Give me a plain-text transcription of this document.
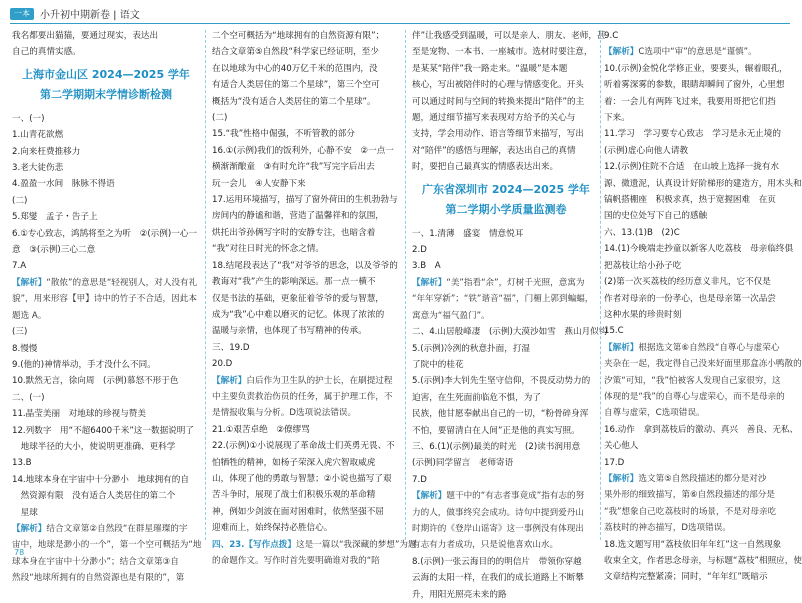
一本	小升初中期新卷 | 语文
我名都要出猫猫，要通过现实，表达出
自己的真情实感。
上海市金山区 2024—2025 学年
第二学期期末学情诊断检测
一、(一)
1.山青花欲燃
2.向来枉费推移力
3.老大徒伤悲
4.盈盈一水间　脉脉不得语
(二)
5.郑燮　孟子・告子上
6.①专心致志，鸿鹄将至之为听　②(示例)一心一
意　③(示例)三心二意
7.A
【解析】“散侬”的意思是“轻视别人，对人没有礼
貌”，用来形容【甲】诗中的竹子不合适，因此本
题选 A。
(三)
8.慢慢
9.(他的)神情举动，手才没什么不同。
10.默然无言，徐向周　(示例)慕怒不形于色
二、(一)
11.晶莹美丽　对地球的珍视与赞美
12.列数字　用“不超6400千米”这一数据说明了
　地球半径的大小，使说明更准确、更科学
13.B
14.地球本身在宇宙中十分渺小　地球拥有的自
　然资源有限　没有适合人类居住的第二个
　星球
【解析】结合文章第②自然段“在群星璀璨的宇
宙中，地球是渺小的一个”，第一个空可概括为“地
球本身在宇宙中十分渺小”；结合文章第③自
然段“地球所拥有的自然资源也是有限的”，第
二个空可概括为“地球拥有的自然资源有限”；
结合文章第⑤自然段“科学家已经证明，至少
在以地球为中心的40万亿千米的范围内，没
有适合人类居住的第二个星球”，第三个空可
概括为“没有适合人类居住的第二个星球”。
(二)
15.“我”性格中倔强，不听管教的部分
16.①(示例)我们的饭利外，心静不安　②一点一
横渐渐酿童　③有时允许“我”写完字后出去
玩一会儿　④人安静下来
17.运用环境描写，描写了窗外荷田的生机勃勃与
房间内的静谧和谐，营造了温馨祥和的氛围，
烘托出爷孙俩写字时的安静专注，也暗含着
“我”对往日时光的怀念之情。
18.结尾段表达了“我”对爷爷的思念，以及爷爷的
教诲对“我”产生的影响深远。那一点一横不
仅是书法的基础，更象征着爷爷的爱与智慧，
成为“我”心中难以磨灭的记忆。体现了浓浓的
温暖与亲情，也体现了书写精神的传承。
三、19.D
20.D
【解析】白后作为卫生队的护士长，在刷提过程
中主要负责救治伤员的任务，属于护理工作，不
是情报收集与分析。D选项说法错误。
21.①艰苦卓绝　②僚缪骂
22.(示例)①小说展现了革命战士们英勇无畏、不
怕牺牲的精神，如杨子荣深入虎穴智取威虎
山，体现了他的勇敢与智慧；②小说也描写了艰
苦斗争时，展现了战士们积极乐观的革命精
神，例如少剑波在面对困难时，依然坚强不屈
迎难而上，始终保持必胜信心。
四、23.【写作点拨】这是一篇以“我深藏的梦想”为题
的命题作文。写作时首先要明确谁对我的“陪
伴”让我感受到温暖，可以是亲人、朋友、老师，甚
至是宠物、一本书、一座城市。选材时要注意，
是某某“陪伴”我一路走来。“温暖”是本题
核心，写出被陪伴时的心理与情感变化。开头
可以通过时间与空间的转换来提出“陪伴”的主
题，通过细节描写来表现对方给予的关心与
支持，学会用动作、语言等细节来描写，写出
对“陪伴”的感悟与理解，表达出自己的真情
时，要把自己最真实的情感表达出来。
广东省深圳市 2024—2025 学年
第二学期小学质量监测卷
一、1.清薄　盛宴　情意悦耳
2.D
3.B　A
【解析】“美”指看“余”，灯树千光照，意寓为
“年年穿新”；“铁”谐音“福”，门楣上郭到蝙蝠，
寓意为“福气盈门”。
二、4.山居般峰凄　(示例)大漠沙如雪　燕山月似钩
5.(示例)冷洌的秋意扑面，打湿
了院中的桂花
5.(示例)李大钊先生坚守信仰，不畏反动势力的
迫害，在生死面前临危不惧，为了
民族，他甘愿奉献出自己的一切，“粉骨碎身浑
不怕，要留清白在人间”正是他的真实写照。
三、6.(1)(示例)最美的时光　(2)读书润用意
(示例)同学留言　老师寄语
7.D
【解析】题干中的“有志者事竟成”指有志的努
力的人，做事终究会成功。诗句中提到爱丹山
时期许的《登岸山谣寄》这一事例没有体现出
有志有力者成功，只是说他喜欢山水。
8.(示例)一张云海目的的明信片　带领你穿越
云海的太阳一样，在我们的成长道路上不断攀
升，用阳光照亮未来的路
9.C
【解析】C选项中“审”的意思是“谨慎”。
10.(示例)金悦化学修正业，要要头，辗着眼孔，
听着雾深雾的参数，眼睛却瞬间了窗外，心里想
着：一会儿有两阵飞过来，我要用哥把它们挡
下来。
11.学习　学习要专心致志　学习是永无止境的
(示例)虚心向他人请教
12.(示例)住院不合适　在山坡上选择一拢有水
源、微遗泥，认真设计好阶梯形的建造方，用木头和
镐帆搭棚座　积极求真，热于宽握困难　在页
国的史位处写下自己的感触
六、13.(1)B　(2)C
14.(1)今晚端走抄童以新客人吃荔枝　母亲临终俱
把荔枝让给小孙子吃
(2)第一次买荔枝的经历意义非凡，它不仅是
作者对母亲的一份孝心，也是母亲第一次品尝
这种水果的珍贵时刻
15.C
【解析】根据选文第⑥自然段“自尊心与虚荣心
夹杂在一起，我定得自己没来好面里那盒冻小鸭散的
汐策“可知，“我”怕被客人发现自己家很穷，这
体现的是“我”的自尊心与虚荣心，而不是母亲的
自尊与虚荣，C选项错误。
16.动作　拿到荔枝后的激动、真兴　善良、无私、
关心他人
17.D
【解析】选文第⑤自然段描述的都分是对沙
果外形的细致描写，第⑥自然段描述的部分是
“我”想象自己吃荔枝时的场景，不是对母亲吃
荔枝时的神态描写，D选项错误。
18.选文题写用“荔枝依旧年年红”这一自然现象
收束全文，作者思念母亲，与标题“荔枝”相照应，使
文章结构完整紧凑；同时，“年年红”既暗示
78
